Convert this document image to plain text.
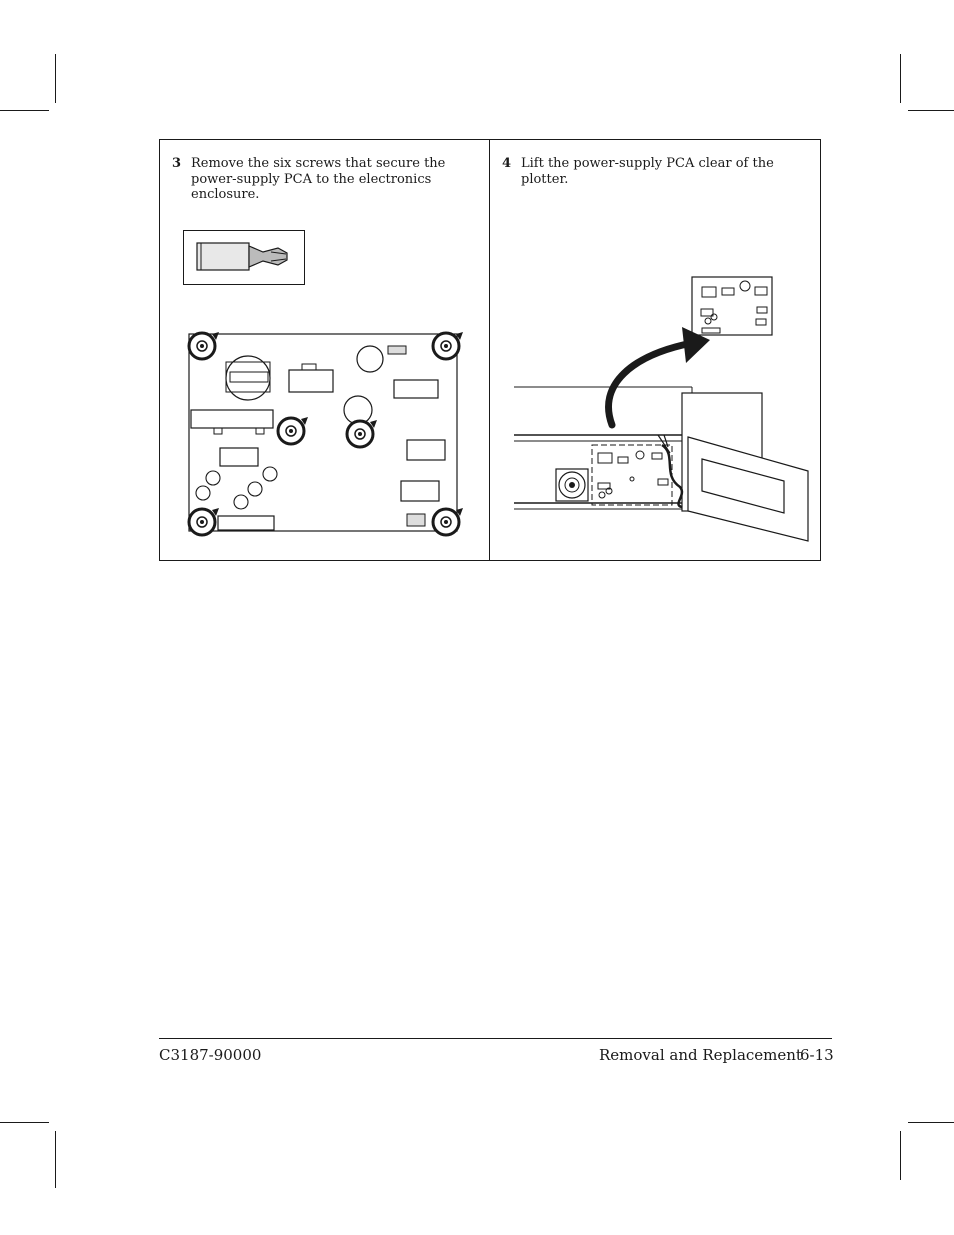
3 Remove the six screws that secure the power-supply PCA to the electronics enclosure.
4 Lift the power-supply PCA clear of the plotter.
C3187-90000	Removal and Replacement
6-13
